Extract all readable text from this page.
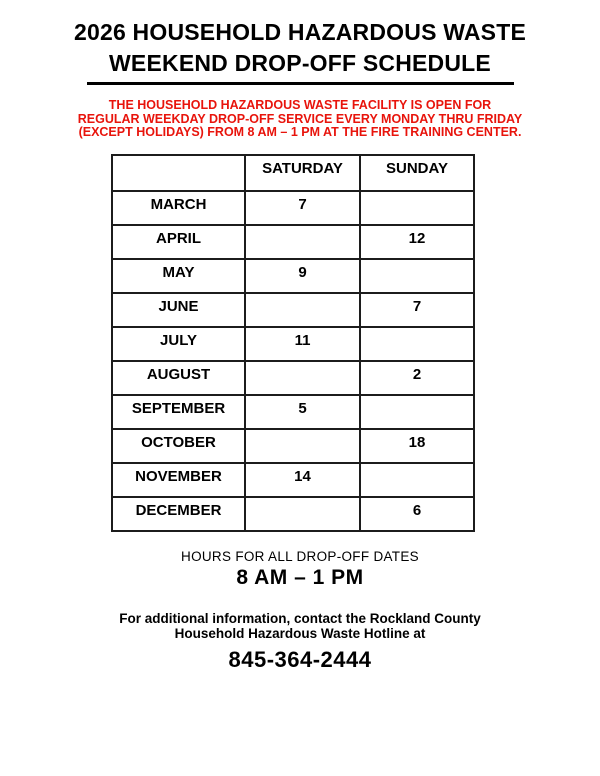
2026 HOUSEHOLD HAZARDOUS WASTE
WEEKEND DROP-OFF SCHEDULE
THE HOUSEHOLD HAZARDOUS WASTE FACILITY IS OPEN FOR
REGULAR WEEKDAY DROP-OFF SERVICE EVERY MONDAY THRU FRIDAY
(EXCEPT HOLIDAYS) FROM 8 AM – 1 PM AT THE FIRE TRAINING CENTER.
	SATURDAY	SUNDAY
MARCH	7	
APRIL		12
MAY	9	
JUNE		7
JULY	11	
AUGUST		2
SEPTEMBER	5	
OCTOBER		18
NOVEMBER	14	
DECEMBER		6
HOURS FOR ALL DROP-OFF DATES
8 AM – 1 PM
For additional information, contact the Rockland County
Household Hazardous Waste Hotline at
845-364-2444
